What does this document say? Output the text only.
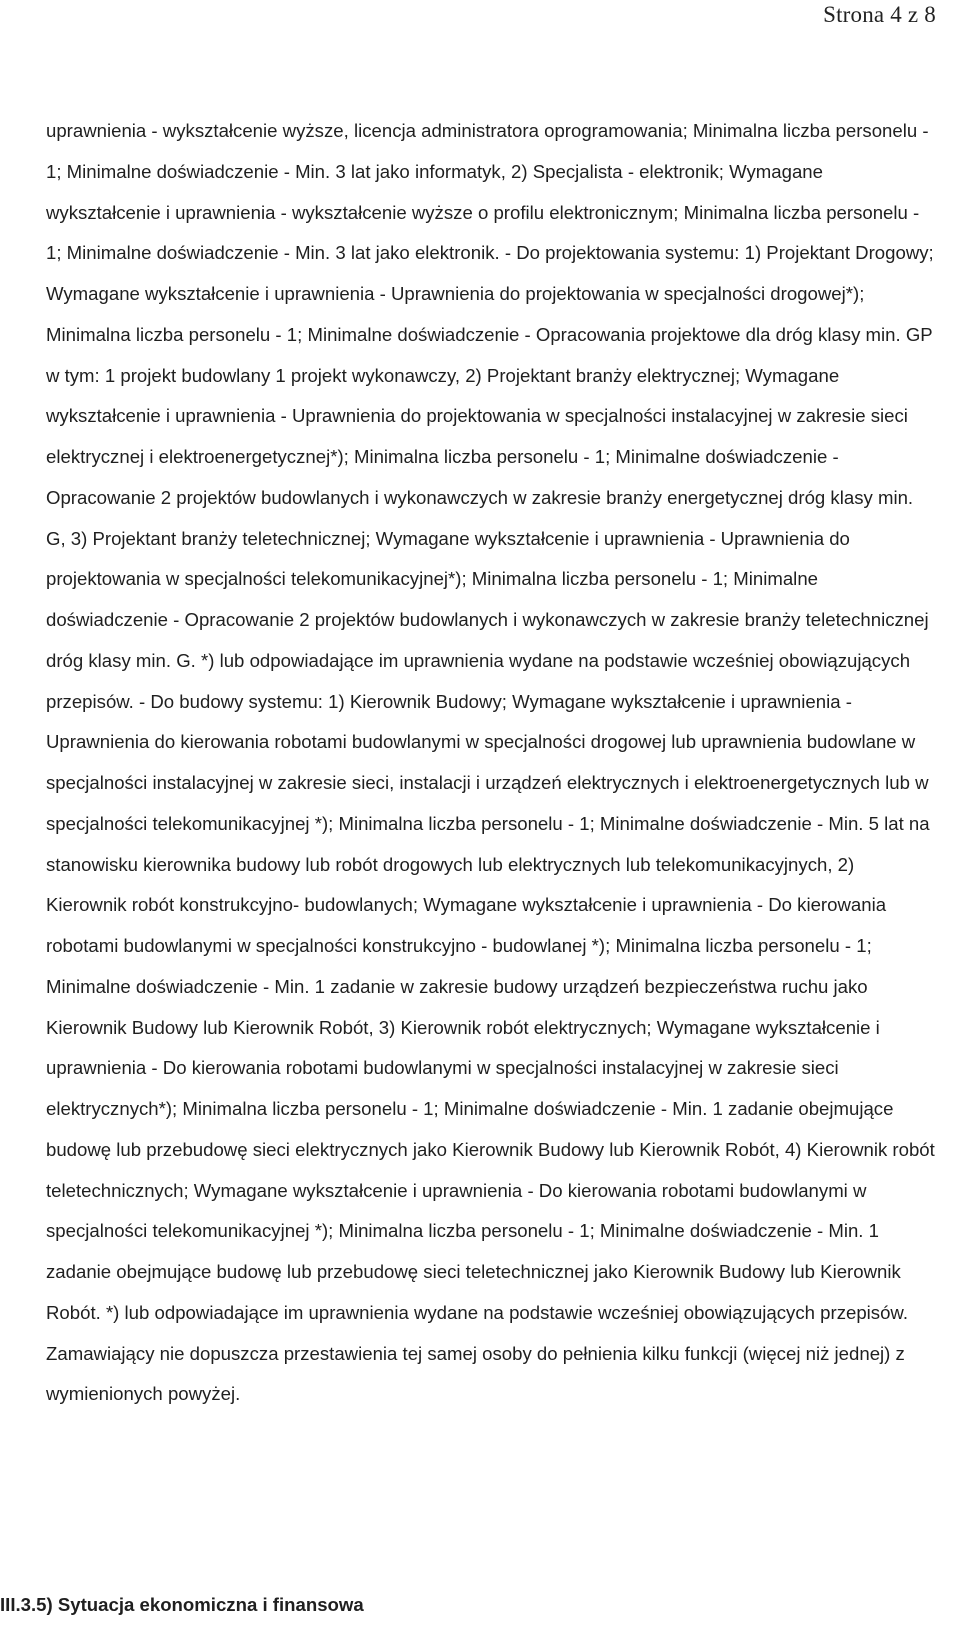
Strona 4 z 8

uprawnienia - wykształcenie wyższe, licencja administratora oprogramowania; Minimalna liczba personelu - 1; Minimalne doświadczenie - Min. 3 lat jako informatyk, 2) Specjalista - elektronik; Wymagane wykształcenie i uprawnienia - wykształcenie wyższe o profilu elektronicznym; Minimalna liczba personelu - 1; Minimalne doświadczenie - Min. 3 lat jako elektronik. - Do projektowania systemu: 1) Projektant Drogowy; Wymagane wykształcenie i uprawnienia - Uprawnienia do projektowania w specjalności drogowej*); Minimalna liczba personelu - 1; Minimalne doświadczenie - Opracowania projektowe dla dróg klasy min. GP w tym: 1 projekt budowlany 1 projekt wykonawczy, 2) Projektant branży elektrycznej; Wymagane wykształcenie i uprawnienia - Uprawnienia do projektowania w specjalności instalacyjnej w zakresie sieci elektrycznej i elektroenergetycznej*); Minimalna liczba personelu - 1; Minimalne doświadczenie - Opracowanie 2 projektów budowlanych i wykonawczych w zakresie branży energetycznej dróg klasy min. G, 3) Projektant branży teletechnicznej; Wymagane wykształcenie i uprawnienia - Uprawnienia do projektowania w specjalności telekomunikacyjnej*); Minimalna liczba personelu - 1; Minimalne doświadczenie - Opracowanie 2 projektów budowlanych i wykonawczych w zakresie branży teletechnicznej dróg klasy min. G. *) lub odpowiadające im uprawnienia wydane na podstawie wcześniej obowiązujących przepisów. - Do budowy systemu: 1) Kierownik Budowy; Wymagane wykształcenie i uprawnienia - Uprawnienia do kierowania robotami budowlanymi w specjalności drogowej lub uprawnienia budowlane w specjalności instalacyjnej w zakresie sieci, instalacji i urządzeń elektrycznych i elektroenergetycznych lub w specjalności telekomunikacyjnej *); Minimalna liczba personelu - 1; Minimalne doświadczenie - Min. 5 lat na stanowisku kierownika budowy lub robót drogowych lub elektrycznych lub telekomunikacyjnych, 2) Kierownik robót konstrukcyjno- budowlanych; Wymagane wykształcenie i uprawnienia - Do kierowania robotami budowlanymi w specjalności konstrukcyjno - budowlanej *); Minimalna liczba personelu - 1; Minimalne doświadczenie - Min. 1 zadanie w zakresie budowy urządzeń bezpieczeństwa ruchu jako Kierownik Budowy lub Kierownik Robót, 3) Kierownik robót elektrycznych; Wymagane wykształcenie i uprawnienia - Do kierowania robotami budowlanymi w specjalności instalacyjnej w zakresie sieci elektrycznych*); Minimalna liczba personelu - 1; Minimalne doświadczenie - Min. 1 zadanie obejmujące budowę lub przebudowę sieci elektrycznych jako Kierownik Budowy lub Kierownik Robót, 4) Kierownik robót teletechnicznych; Wymagane wykształcenie i uprawnienia - Do kierowania robotami budowlanymi w specjalności telekomunikacyjnej *); Minimalna liczba personelu - 1; Minimalne doświadczenie - Min. 1 zadanie obejmujące budowę lub przebudowę sieci teletechnicznej jako Kierownik Budowy lub Kierownik Robót. *) lub odpowiadające im uprawnienia wydane na podstawie wcześniej obowiązujących przepisów. Zamawiający nie dopuszcza przestawienia tej samej osoby do pełnienia kilku funkcji (więcej niż jednej) z wymienionych powyżej.

III.3.5) Sytuacja ekonomiczna i finansowa
